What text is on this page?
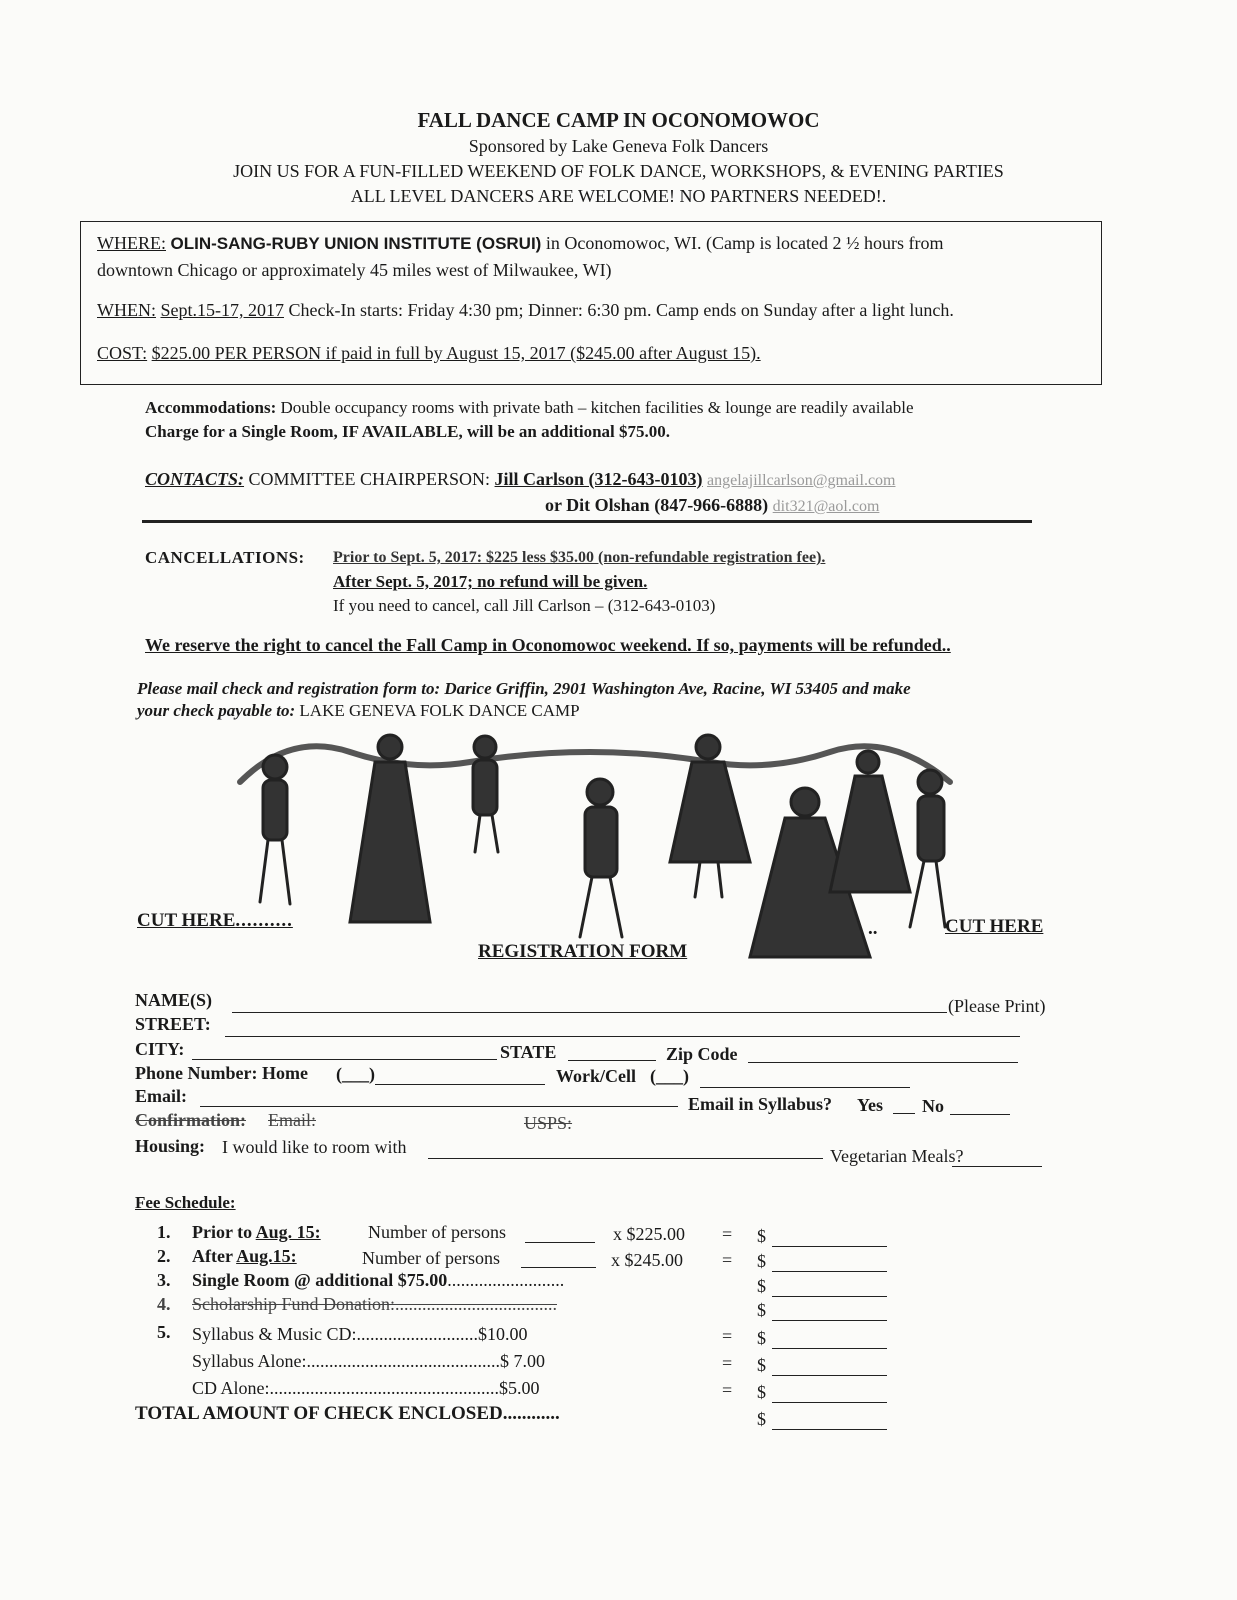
FALL DANCE CAMP IN OCONOMOWOC
Sponsored by Lake Geneva Folk Dancers
JOIN US FOR A FUN-FILLED WEEKEND OF FOLK DANCE, WORKSHOPS, & EVENING PARTIES
ALL LEVEL DANCERS ARE WELCOME! NO PARTNERS NEEDED!.
WHERE: OLIN-SANG-RUBY UNION INSTITUTE (OSRUI) in Oconomowoc, WI. (Camp is located 2 ½ hours from
downtown Chicago or approximately 45 miles west of Milwaukee, WI)
WHEN: Sept.15-17, 2017 Check-In starts: Friday 4:30 pm; Dinner: 6:30 pm. Camp ends on Sunday after a light lunch.
COST: $225.00 PER PERSON if paid in full by August 15, 2017 ($245.00 after August 15).
Accommodations: Double occupancy rooms with private bath – kitchen facilities & lounge are readily available
Charge for a Single Room, IF AVAILABLE, will be an additional $75.00.
CONTACTS: COMMITTEE CHAIRPERSON: Jill Carlson (312-643-0103) angelajillcarlson@gmail.com
or Dit Olshan (847-966-6888) dit321@aol.com
CANCELLATIONS: Prior to Sept. 5, 2017: $225 less $35.00 (non-refundable registration fee).
After Sept. 5, 2017; no refund will be given.
If you need to cancel, call Jill Carlson – (312-643-0103)
We reserve the right to cancel the Fall Camp in Oconomowoc weekend. If so, payments will be refunded..
Please mail check and registration form to: Darice Griffin, 2901 Washington Ave, Racine, WI 53405 and make
your check payable to: LAKE GENEVA FOLK DANCE CAMP
CUT HERE..........	..	CUT HERE
REGISTRATION FORM
NAME(S)	(Please Print)
STREET:
CITY:	STATE	Zip Code
Phone Number: Home (___)	Work/Cell (___)
Email:	Email in Syllabus? Yes No
Confirmation: Email:	USPS:
Housing: I would like to room with	Vegetarian Meals?
Fee Schedule:
1. Prior to Aug. 15:	Number of persons	x $225.00 = $
2. After Aug.15:	Number of persons	x $245.00 = $
3. Single Room @ additional $75.00..........................	$
4. Scholarship Fund Donation:....................................	$
5. Syllabus & Music CD:...........................$10.00	= $
Syllabus Alone:...........................................$ 7.00	= $
CD Alone:...................................................$5.00	= $
TOTAL AMOUNT OF CHECK ENCLOSED............	$
